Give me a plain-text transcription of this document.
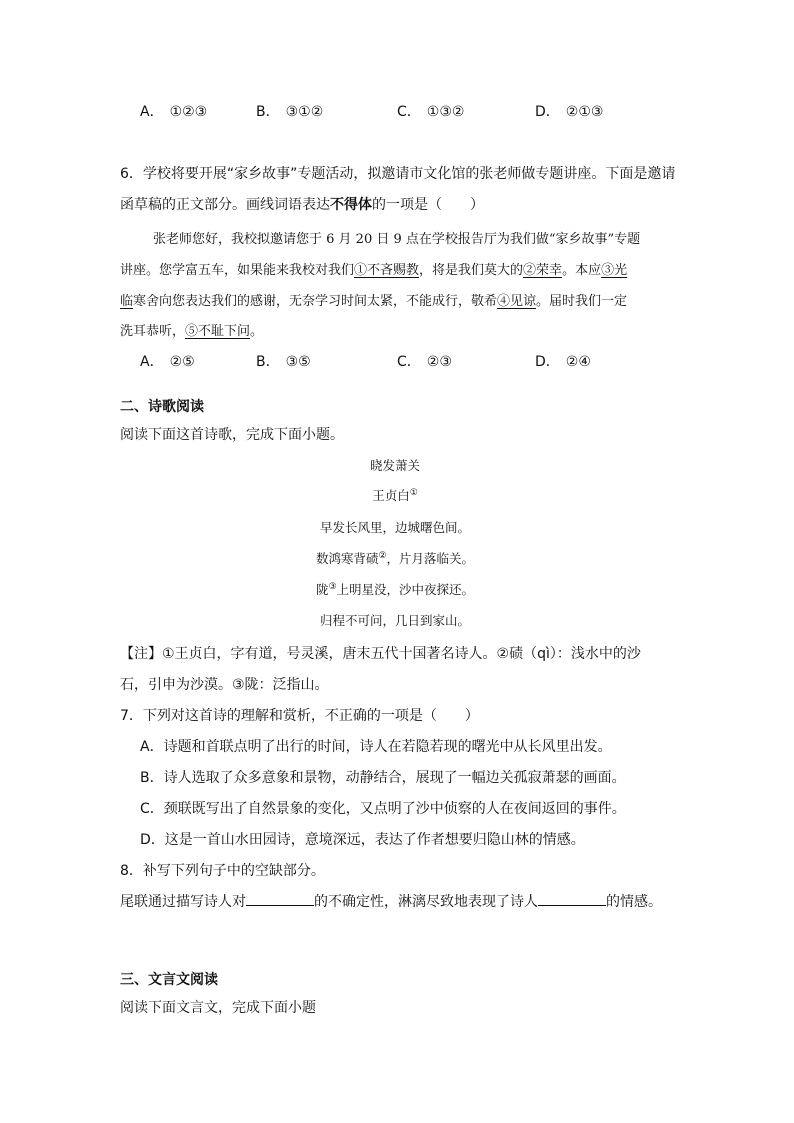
A． ①②③	B． ③①②	C． ①③②	D． ②①③
6．学校将要开展“家乡故事”专题活动，拟邀请市文化馆的张老师做专题讲座。下面是邀请
函草稿的正文部分。画线词语表达不得体的一项是（　　）
张老师您好，我校拟邀请您于 6 月 20 日 9 点在学校报告厅为我们做“家乡故事”专题
讲座。您学富五车，如果能来我校对我们①不吝赐教，将是我们莫大的②荣幸。本应③光
临寒舍向您表达我们的感谢，无奈学习时间太紧，不能成行，敬希④见谅。届时我们一定
洗耳恭听，⑤不耻下问。
A． ②⑤	B． ③⑤	C． ②③	D． ②④
二、诗歌阅读
阅读下面这首诗歌，完成下面小题。
晓发萧关
王贞白①
早发长风里，边城曙色间。
数鸿寒背碛②，片月落临关。
陇③上明星没，沙中夜探还。
归程不可问，几日到家山。
【注】①王贞白，字有道，号灵溪，唐末五代十国著名诗人。②碛（qì）：浅水中的沙
石，引申为沙漠。③陇：泛指山。
7．下列对这首诗的理解和赏析，不正确的一项是（　　）
A．诗题和首联点明了出行的时间，诗人在若隐若现的曙光中从长风里出发。
B．诗人选取了众多意象和景物，动静结合，展现了一幅边关孤寂萧瑟的画面。
C．颈联既写出了自然景象的变化，又点明了沙中侦察的人在夜间返回的事件。
D．这是一首山水田园诗，意境深远，表达了作者想要归隐山林的情感。
8．补写下列句子中的空缺部分。
尾联通过描写诗人对	的不确定性，淋漓尽致地表现了诗人	的情感。
三、文言文阅读
阅读下面文言文，完成下面小题
